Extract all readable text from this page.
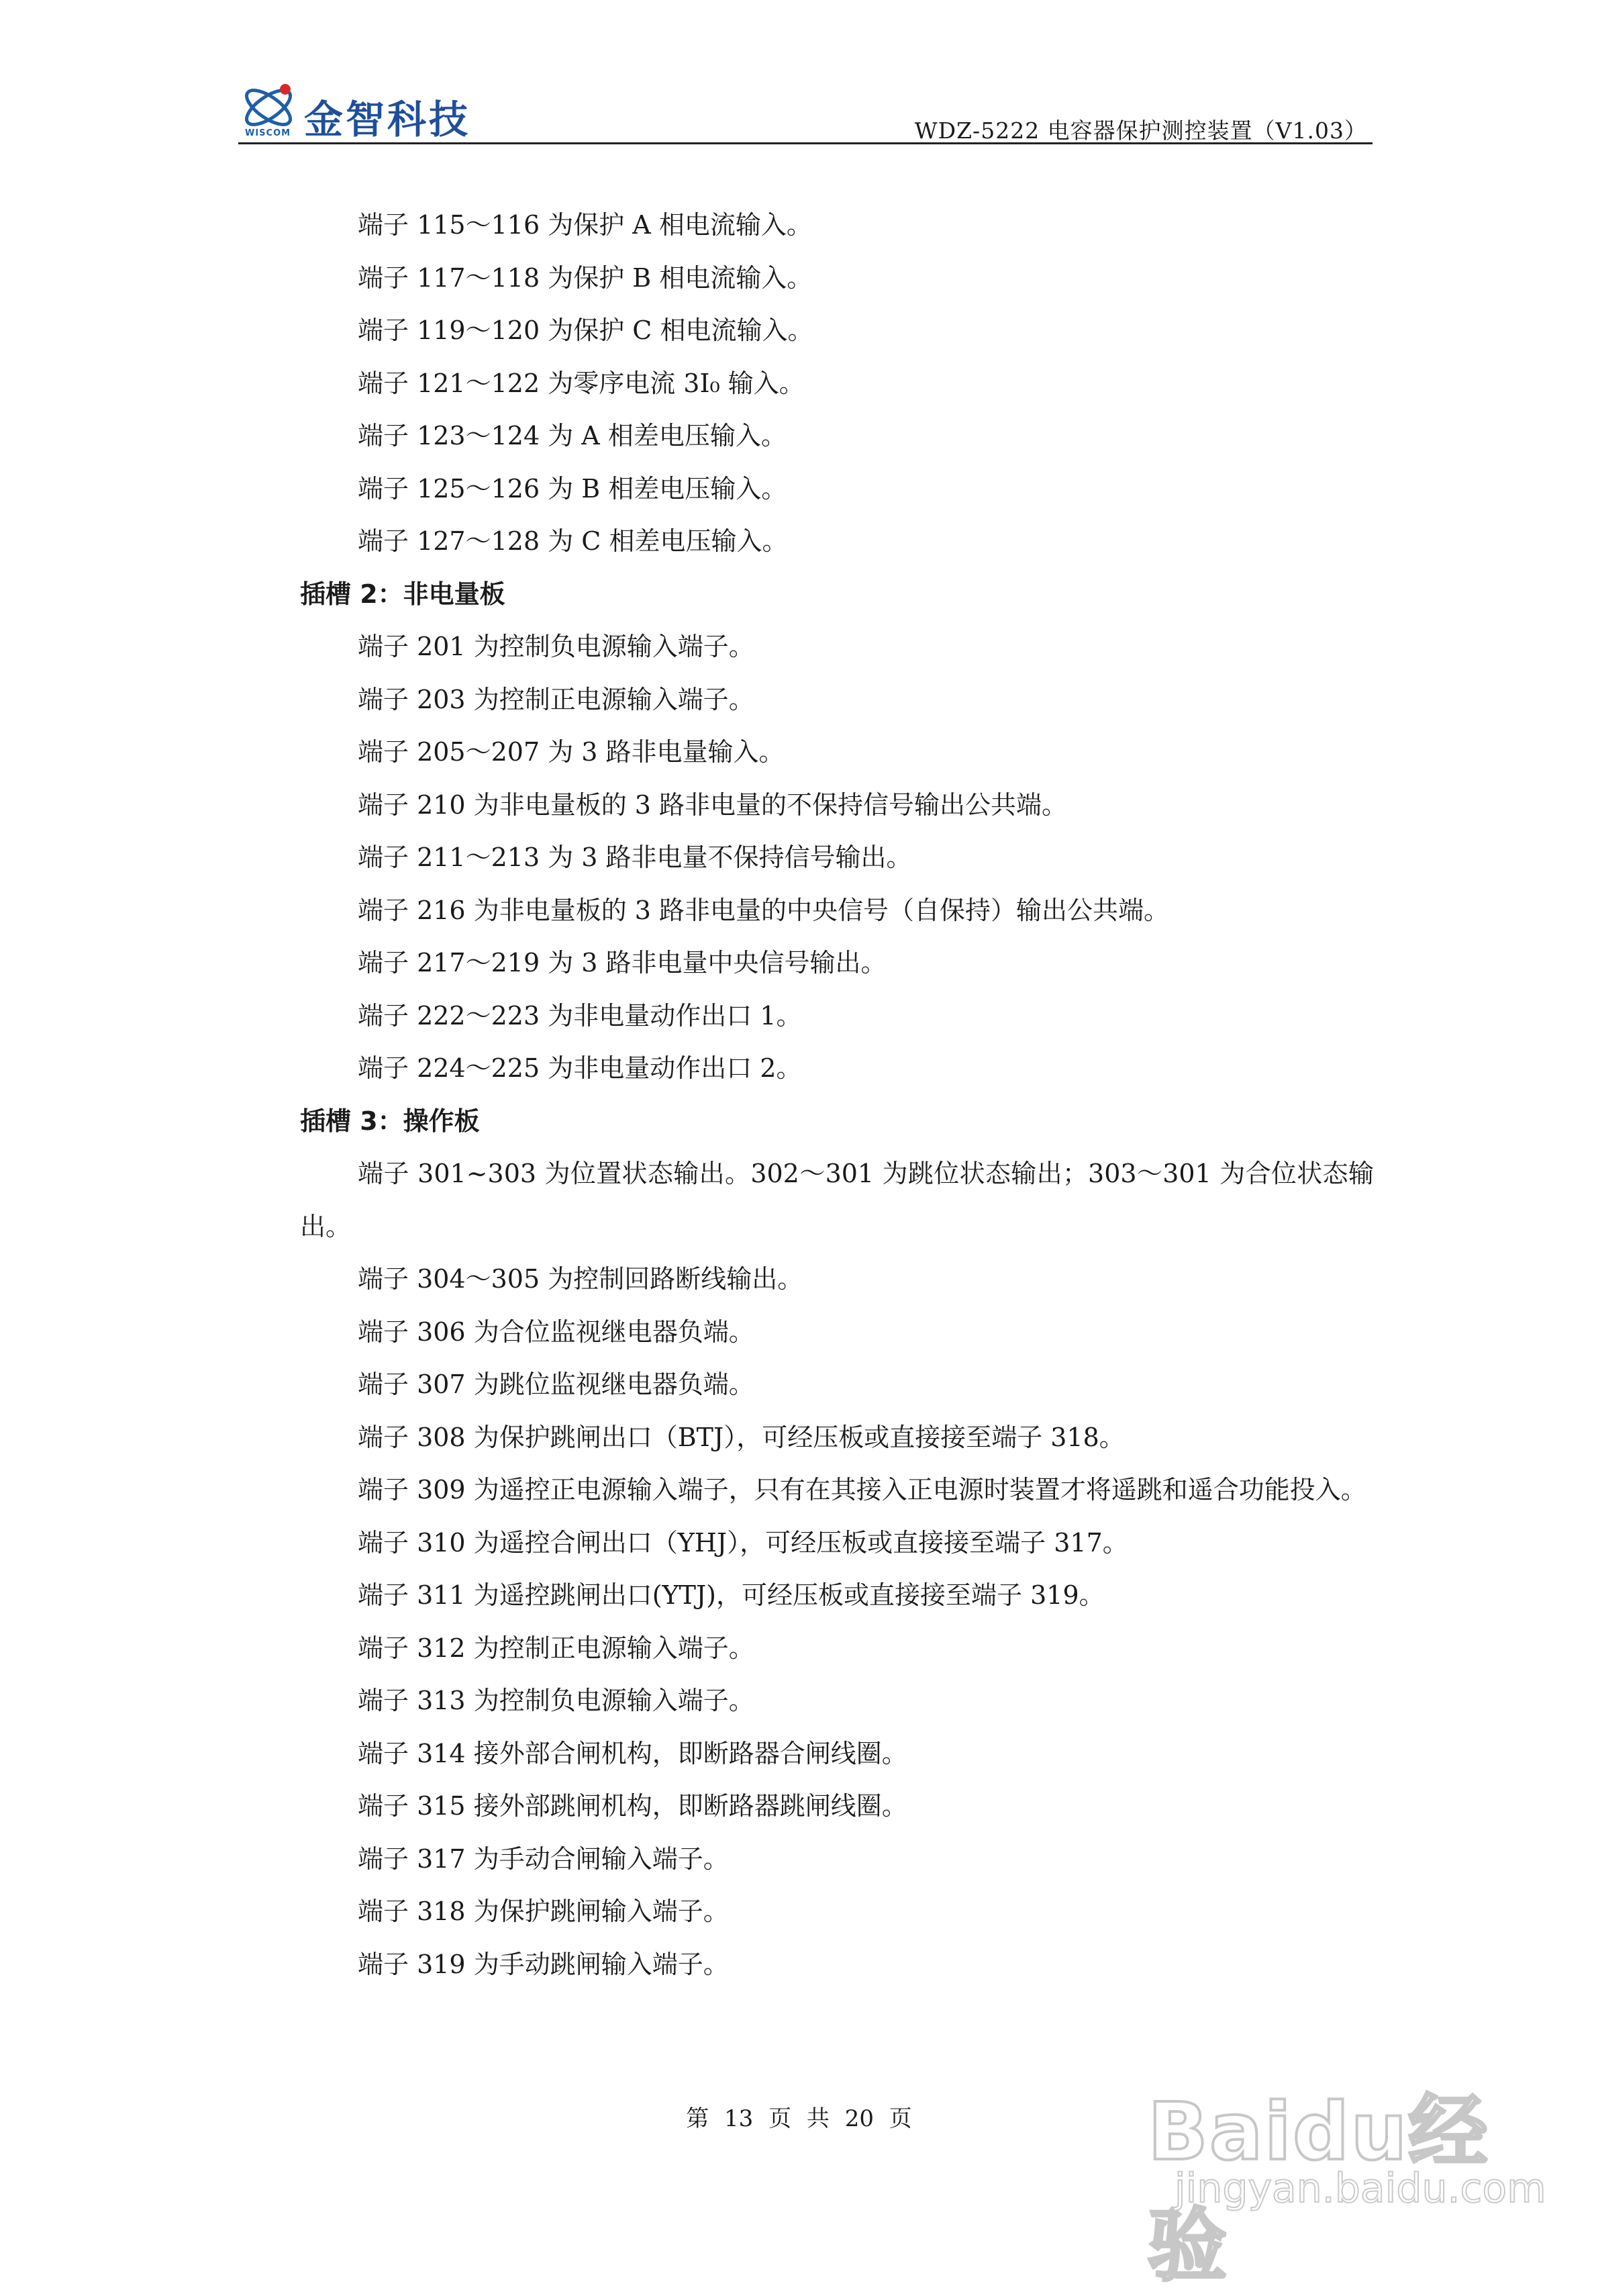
WISCOM 金智科技	WDZ-5222 电容器保护测控装置（V1.03）

端子 115～116 为保护 A 相电流输入。

端子 117～118 为保护 B 相电流输入。

端子 119～120 为保护 C 相电流输入。

端子 121～122 为零序电流 3I₀ 输入。

端子 123～124 为 A 相差电压输入。

端子 125～126 为 B 相差电压输入。

端子 127～128 为 C 相差电压输入。

插槽 2：非电量板

端子 201 为控制负电源输入端子。

端子 203 为控制正电源输入端子。

端子 205～207 为 3 路非电量输入。

端子 210 为非电量板的 3 路非电量的不保持信号输出公共端。

端子 211～213 为 3 路非电量不保持信号输出。

端子 216 为非电量板的 3 路非电量的中央信号（自保持）输出公共端。

端子 217～219 为 3 路非电量中央信号输出。

端子 222～223 为非电量动作出口 1。

端子 224～225 为非电量动作出口 2。

插槽 3：操作板

端子 301~303 为位置状态输出。302～301 为跳位状态输出；303～301 为合位状态输出。

端子 304～305 为控制回路断线输出。

端子 306 为合位监视继电器负端。

端子 307 为跳位监视继电器负端。

端子 308 为保护跳闸出口（BTJ），可经压板或直接接至端子 318。

端子 309 为遥控正电源输入端子，只有在其接入正电源时装置才将遥跳和遥合功能投入。

端子 310 为遥控合闸出口（YHJ），可经压板或直接接至端子 317。

端子 311 为遥控跳闸出口(YTJ)，可经压板或直接接至端子 319。

端子 312 为控制正电源输入端子。

端子 313 为控制负电源输入端子。

端子 314 接外部合闸机构，即断路器合闸线圈。

端子 315 接外部跳闸机构，即断路器跳闸线圈。

端子 317 为手动合闸输入端子。

端子 318 为保护跳闸输入端子。

端子 319 为手动跳闸输入端子。

第 13 页 共 20 页	Baidu经验
jingyan.baidu.com
